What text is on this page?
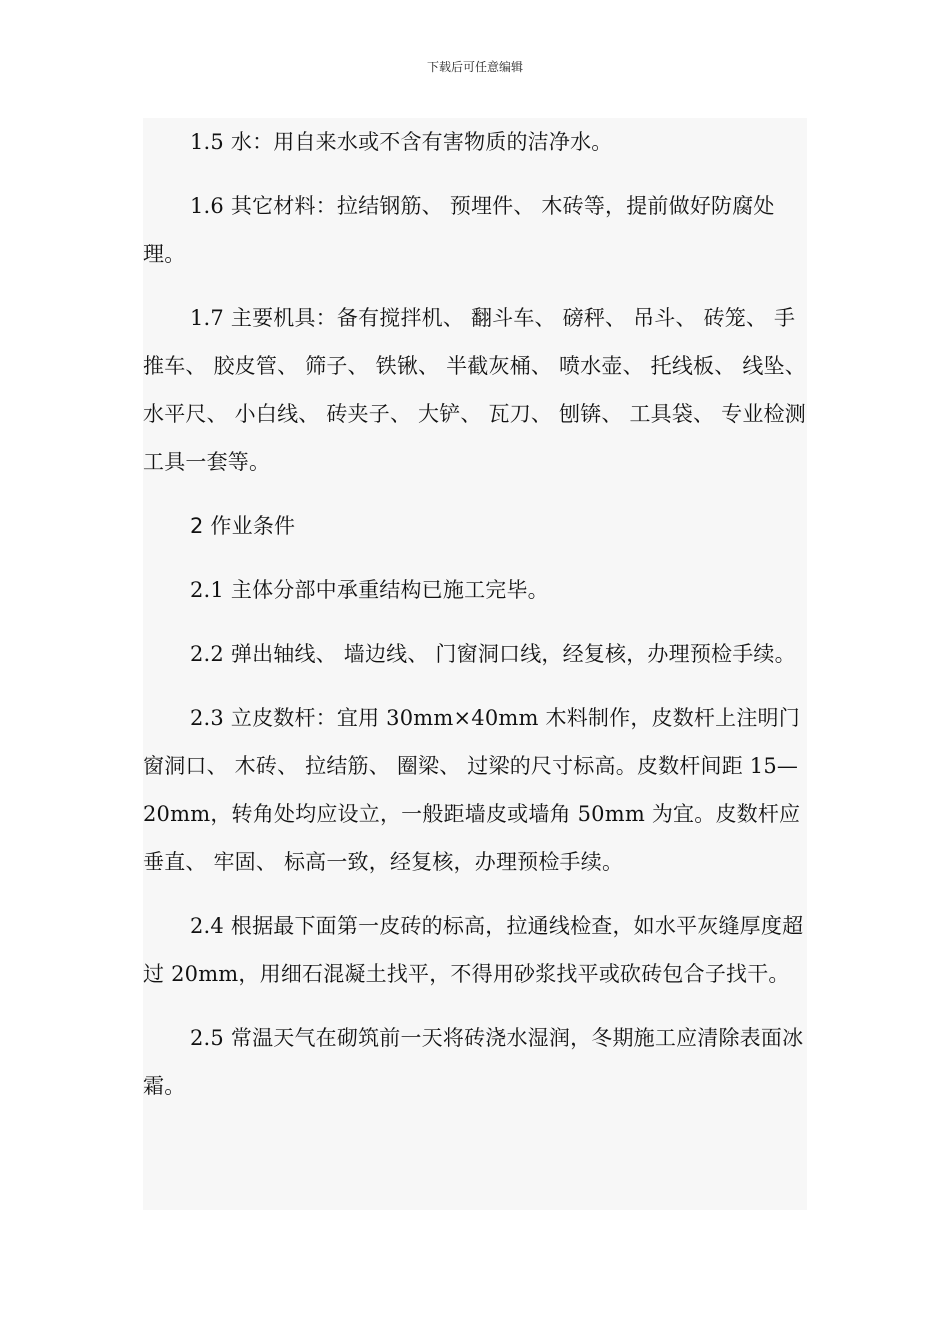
下载后可任意编辑

1.5 水：用自来水或不含有害物质的洁净水。

1.6 其它材料：拉结钢筋、 预埋件、 木砖等，提前做好防腐处理。

1.7 主要机具：备有搅拌机、 翻斗车、 磅秤、 吊斗、 砖笼、 手推车、 胶皮管、 筛子、 铁锹、 半截灰桶、 喷水壶、 托线板、 线坠、 水平尺、 小白线、 砖夹子、 大铲、 瓦刀、 刨锛、 工具袋、 专业检测工具一套等。

2 作业条件

2.1 主体分部中承重结构已施工完毕。

2.2 弹出轴线、 墙边线、 门窗洞口线，经复核，办理预检手续。

2.3 立皮数杆：宜用 30mm×40mm 木料制作，皮数杆上注明门窗洞口、 木砖、 拉结筋、 圈梁、 过梁的尺寸标高。皮数杆间距 15—20mm，转角处均应设立，一般距墙皮或墙角 50mm 为宜。皮数杆应垂直、 牢固、 标高一致，经复核，办理预检手续。

2.4 根据最下面第一皮砖的标高，拉通线检查，如水平灰缝厚度超过 20mm，用细石混凝土找平，不得用砂浆找平或砍砖包合子找干。

2.5 常温天气在砌筑前一天将砖浇水湿润，冬期施工应清除表面冰霜。
